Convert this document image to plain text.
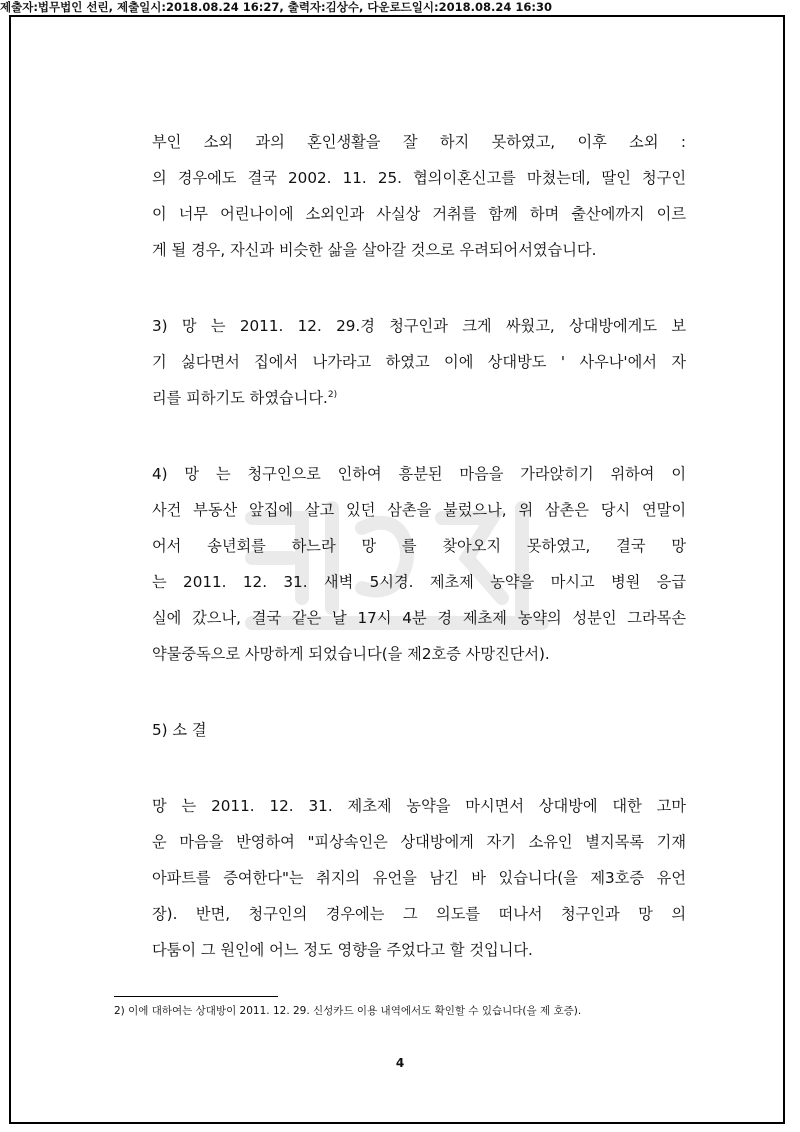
제출자:법무법인 선린, 제출일시:2018.08.24 16:27, 출력자:김상수, 다운로드일시:2018.08.24 16:30

부인 소외 과의 혼인생활을 잘 하지 못하였고, 이후 소외 :
의 경우에도 결국 2002. 11. 25. 협의이혼신고를 마쳤는데, 딸인 청구인
이 너무 어린나이에 소외인과 사실상 거취를 함께 하며 출산에까지 이르
게 될 경우, 자신과 비슷한 삶을 살아갈 것으로 우려되어서였습니다.

3) 망 는 2011. 12. 29.경 청구인과 크게 싸웠고, 상대방에게도 보
기 싫다면서 집에서 나가라고 하였고 이에 상대방도 ' 사우나'에서 자
리를 피하기도 하였습니다.$^{2)}$

4) 망 는 청구인으로 인하여 흥분된 마음을 가라앉히기 위하여 이
사건 부동산 앞집에 살고 있던 삼촌을 불렀으나, 위 삼촌은 당시 연말이
어서 송년회를 하느라 망 를 찾아오지 못하였고, 결국 망
는 2011. 12. 31. 새벽 5시경. 제초제 농약을 마시고 병원 응급
실에 갔으나, 결국 같은 날 17시 4분 경 제초제 농약의 성분인 그라목손
약물중독으로 사망하게 되었습니다(을 제2호증 사망진단서).

5) 소 결

망 는 2011. 12. 31. 제초제 농약을 마시면서 상대방에 대한 고마
운 마음을 반영하여 "피상속인은 상대방에게 자기 소유인 별지목록 기재
아파트를 증여한다"는 취지의 유언을 남긴 바 있습니다(을 제3호증 유언
장). 반면, 청구인의 경우에는 그 의도를 떠나서 청구인과 망 의
다툼이 그 원인에 어느 정도 영향을 주었다고 할 것입니다.

2) 이에 대하여는 상대방이 2011. 12. 29. 신성카드 이용 내역에서도 확인할 수 있습니다(을 제 호증).
4
